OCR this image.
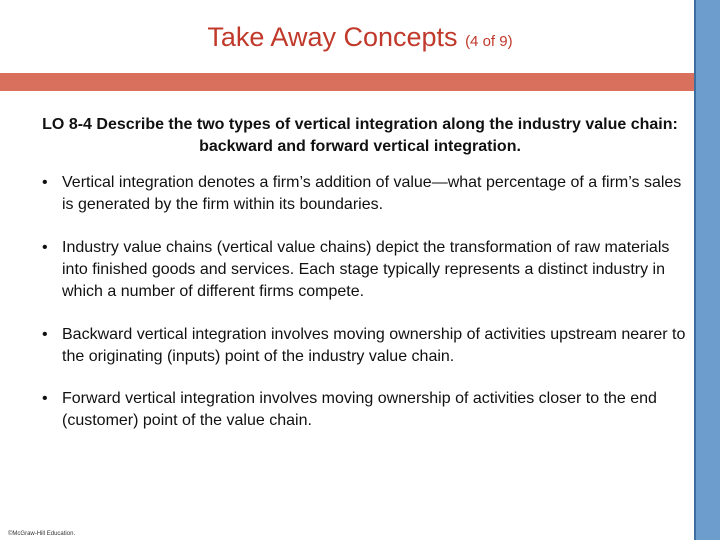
Take Away Concepts (4 of 9)
LO 8-4 Describe the two types of vertical integration along the industry value chain: backward and forward vertical integration.
• Vertical integration denotes a firm’s addition of value—what percentage of a firm’s sales is generated by the firm within its boundaries.
• Industry value chains (vertical value chains) depict the transformation of raw materials into finished goods and services. Each stage typically represents a distinct industry in which a number of different firms compete.
• Backward vertical integration involves moving ownership of activities upstream nearer to the originating (inputs) point of the industry value chain.
• Forward vertical integration involves moving ownership of activities closer to the end (customer) point of the value chain.
©McGraw-Hill Education.
